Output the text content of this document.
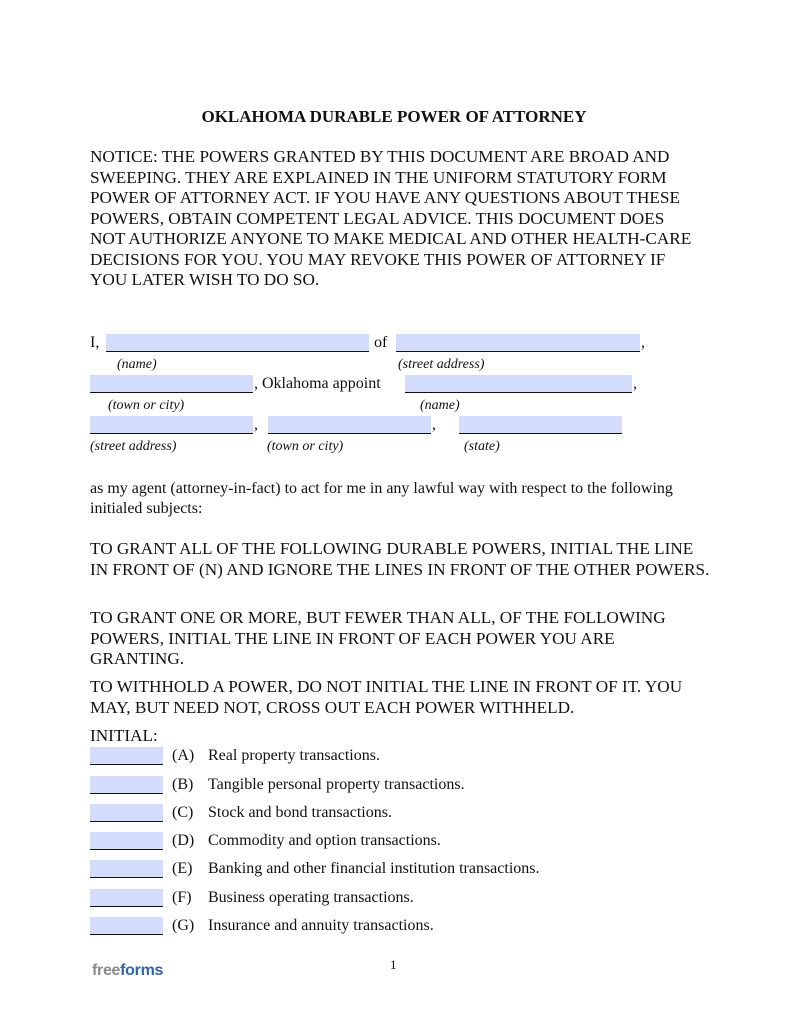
OKLAHOMA DURABLE POWER OF ATTORNEY
NOTICE: THE POWERS GRANTED BY THIS DOCUMENT ARE BROAD AND SWEEPING. THEY ARE EXPLAINED IN THE UNIFORM STATUTORY FORM POWER OF ATTORNEY ACT. IF YOU HAVE ANY QUESTIONS ABOUT THESE POWERS, OBTAIN COMPETENT LEGAL ADVICE. THIS DOCUMENT DOES NOT AUTHORIZE ANYONE TO MAKE MEDICAL AND OTHER HEALTH-CARE DECISIONS FOR YOU. YOU MAY REVOKE THIS POWER OF ATTORNEY IF YOU LATER WISH TO DO SO.
I,	of	,
(name)	(street address)
, Oklahoma appoint	,
(town or city)	(name)
,	,
(street address)	(town or city)	(state)
as my agent (attorney-in-fact) to act for me in any lawful way with respect to the following initialed subjects:
TO GRANT ALL OF THE FOLLOWING DURABLE POWERS, INITIAL THE LINE IN FRONT OF (N) AND IGNORE THE LINES IN FRONT OF THE OTHER POWERS.
TO GRANT ONE OR MORE, BUT FEWER THAN ALL, OF THE FOLLOWING POWERS, INITIAL THE LINE IN FRONT OF EACH POWER YOU ARE GRANTING.
TO WITHHOLD A POWER, DO NOT INITIAL THE LINE IN FRONT OF IT. YOU MAY, BUT NEED NOT, CROSS OUT EACH POWER WITHHELD.
INITIAL:
(A) Real property transactions.
(B) Tangible personal property transactions.
(C) Stock and bond transactions.
(D) Commodity and option transactions.
(E) Banking and other financial institution transactions.
(F) Business operating transactions.
(G) Insurance and annuity transactions.
freeforms	1
